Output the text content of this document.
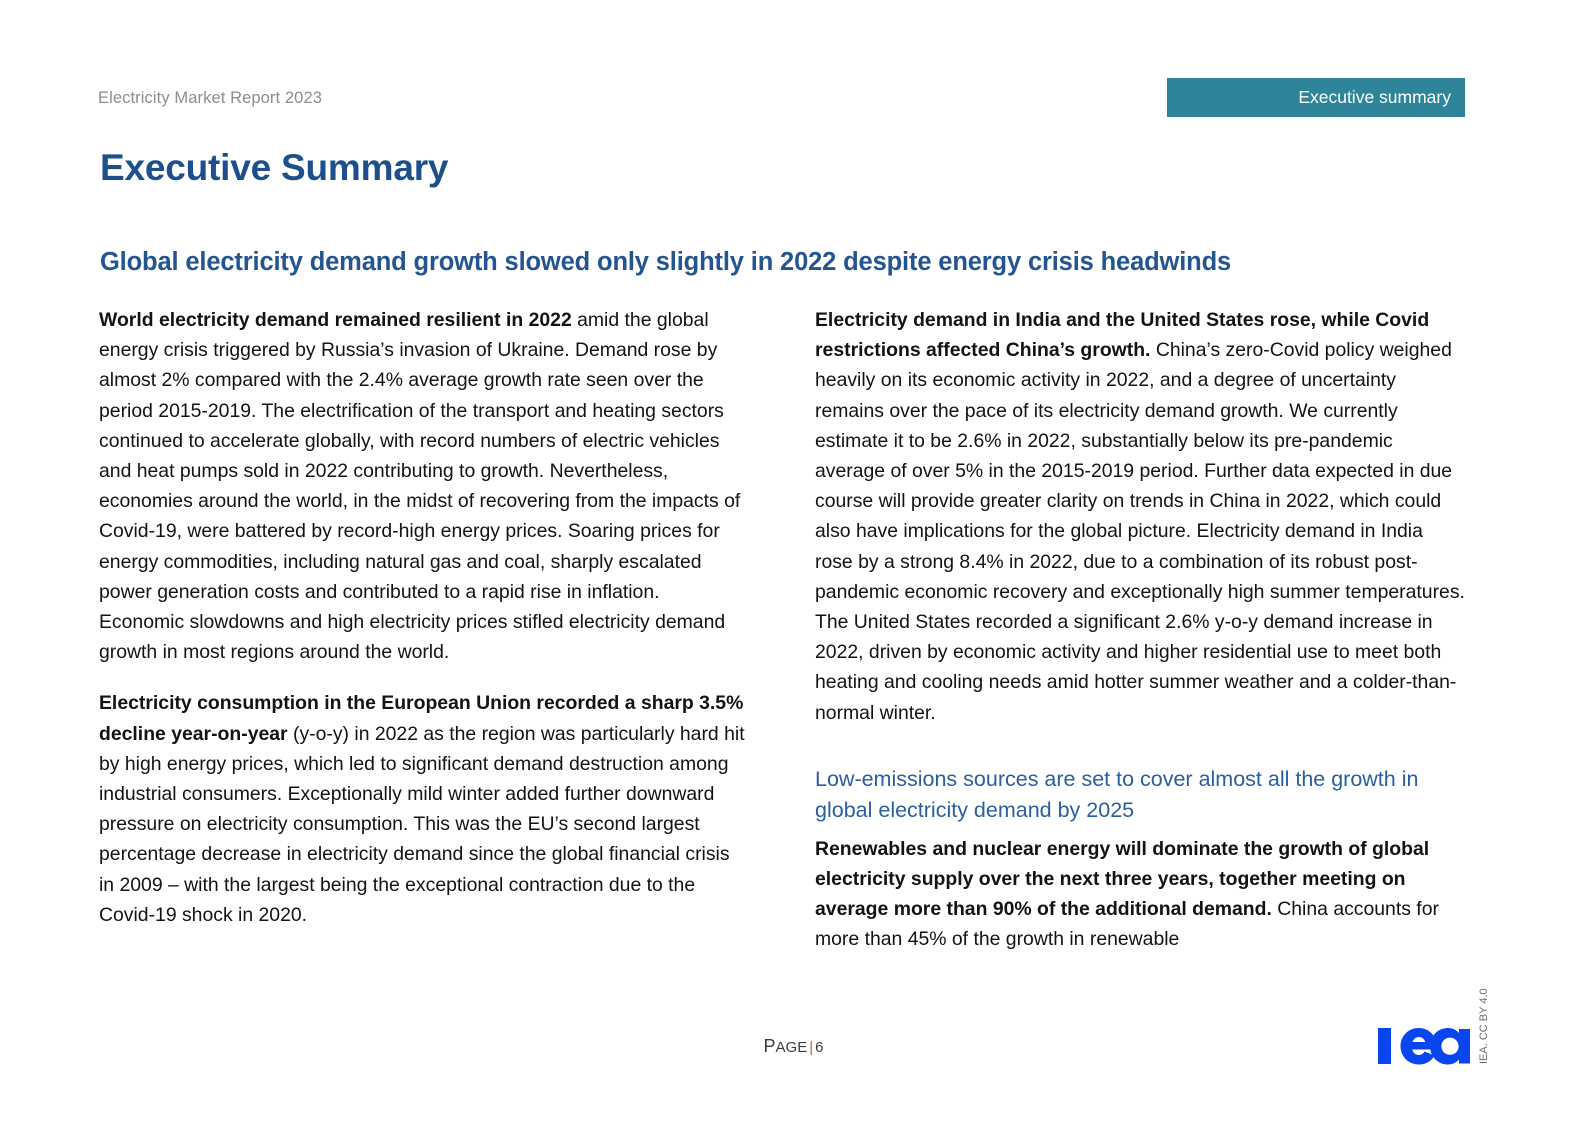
Electricity Market Report 2023	Executive summary
Executive Summary
Global electricity demand growth slowed only slightly in 2022 despite energy crisis headwinds

World electricity demand remained resilient in 2022 amid the global energy crisis triggered by Russia’s invasion of Ukraine. Demand rose by almost 2% compared with the 2.4% average growth rate seen over the period 2015-2019. The electrification of the transport and heating sectors continued to accelerate globally, with record numbers of electric vehicles and heat pumps sold in 2022 contributing to growth. Nevertheless, economies around the world, in the midst of recovering from the impacts of Covid-19, were battered by record-high energy prices. Soaring prices for energy commodities, including natural gas and coal, sharply escalated power generation costs and contributed to a rapid rise in inflation. Economic slowdowns and high electricity prices stifled electricity demand growth in most regions around the world.

Electricity consumption in the European Union recorded a sharp 3.5% decline year-on-year (y-o-y) in 2022 as the region was particularly hard hit by high energy prices, which led to significant demand destruction among industrial consumers. Exceptionally mild winter added further downward pressure on electricity consumption. This was the EU’s second largest percentage decrease in electricity demand since the global financial crisis in 2009 – with the largest being the exceptional contraction due to the Covid-19 shock in 2020.

Electricity demand in India and the United States rose, while Covid restrictions affected China’s growth. China’s zero-Covid policy weighed heavily on its economic activity in 2022, and a degree of uncertainty remains over the pace of its electricity demand growth. We currently estimate it to be 2.6% in 2022, substantially below its pre-pandemic average of over 5% in the 2015-2019 period. Further data expected in due course will provide greater clarity on trends in China in 2022, which could also have implications for the global picture. Electricity demand in India rose by a strong 8.4% in 2022, due to a combination of its robust post-pandemic economic recovery and exceptionally high summer temperatures. The United States recorded a significant 2.6% y-o-y demand increase in 2022, driven by economic activity and higher residential use to meet both heating and cooling needs amid hotter summer weather and a colder-than-normal winter.

Low-emissions sources are set to cover almost all the growth in global electricity demand by 2025

Renewables and nuclear energy will dominate the growth of global electricity supply over the next three years, together meeting on average more than 90% of the additional demand. China accounts for more than 45% of the growth in renewable

PAGE | 6	IEA. CC BY 4.0
